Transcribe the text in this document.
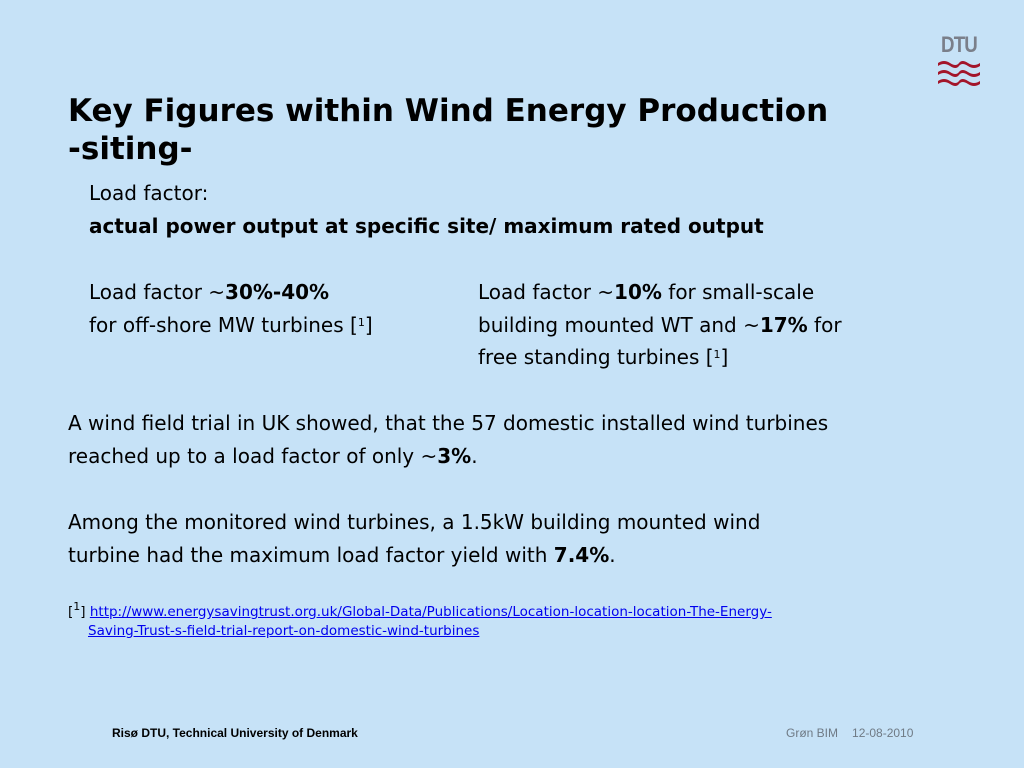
DTU
Key Figures within Wind Energy Production
-siting-
Load factor:
actual power output at specific site/ maximum rated output
Load factor ~30%-40%
for off-shore MW turbines [$^1$]
Load factor ~10% for small-scale
building mounted WT and ~17% for
free standing turbines [$^1$]
A wind field trial in UK showed, that the 57 domestic installed wind turbines
reached up to a load factor of only ~3%.
Among the monitored wind turbines, a 1.5kW building mounted wind
turbine had the maximum load factor yield with 7.4%.
[$^1$] http://www.energysavingtrust.org.uk/Global-Data/Publications/Location-location-location-The-Energy-
Saving-Trust-s-field-trial-report-on-domestic-wind-turbines
Risø DTU, Technical University of Denmark	Grøn BIM 12-08-2010
